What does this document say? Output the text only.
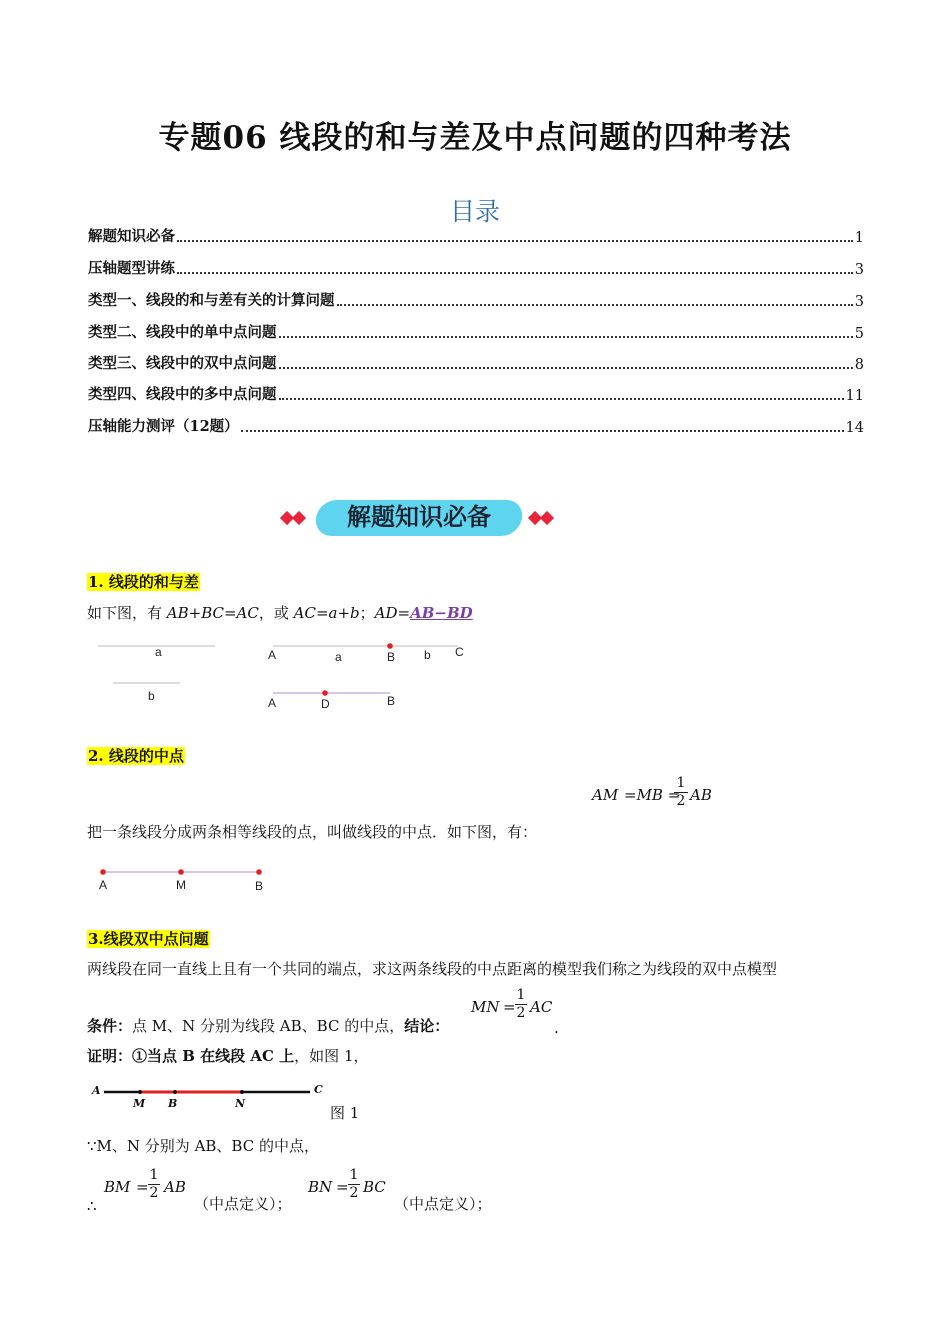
专题06 线段的和与差及中点问题的四种考法
目录
解题知识必备	1
压轴题型讲练	3
类型一、线段的和与差有关的计算问题	3
类型二、线段中的单中点问题	5
类型三、线段中的双中点问题	8
类型四、线段中的多中点问题	11
压轴能力测评（12题）	14
解题知识必备
1. 线段的和与差
如下图，有 AB+BC=AC，或 AC=a+b；AD=AB−BD
a
b
A	a	B b C
A	D	B
2. 线段的中点
AM =MB =
1
2 AB
把一条线段分成两条相等线段的点，叫做线段的中点．如下图，有：
A	M	B
3.线段双中点问题
两线段在同一直线上且有一个共同的端点，求这两条线段的中点距离的模型我们称之为线段的双中点模型
条件：点 M、N 分别为线段 AB、BC 的中点，结论：
MN =
1
2 AC
.
证明：①当点 B 在线段 AC 上，如图 1，
A
M B	N
C
图 1
∵M、N 分别为 AB、BC 的中点，
∴
BM =
1
2 AB
（中点定义）；
BN =
1
2 BC
（中点定义）；
